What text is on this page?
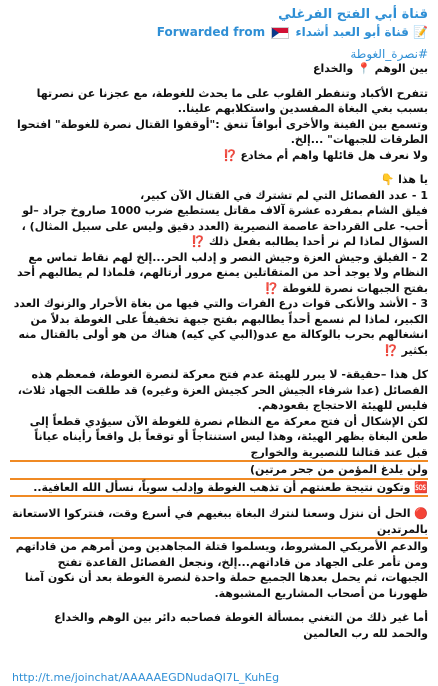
قناة أبي الفتح الفرغلي
📝 قناة أبو العبد أشداء  Forwarded from
#نصرة_الغوطة

بين الوهم 📍 والخداع

تتفرح الأكباد وتنفطر القلوب على ما يحدث للغوطة، مع عجزنا عن نصرتها بسبب بغي البغاة المفسدين واستكلابهم علينا..

وتسمع بين الفينة والأخرى أبواقاً تنعق :"أوقفوا القتال نصرة للغوطة" افتحوا الطرقات للجبهات" ...إلخ.

ولا نعرف هل قائلها واهم أم مخادع ⁉️

يا هذا 👇

1 - عدد الفصائل التي لم تشترك في القتال الآن كبير،

فيلق الشام بمفرده عشرة آلاف مقاتل يستطيع ضرب 1000 صاروخ جراد –لو أحب- على القرداحة عاصمة النصيرية (العدد دقيق وليس على سبيل المثال) ، السؤال لماذا لم نر أحدا يطالبه بفعل ذلك ⁉️

2 - الفيلق وجيش العزة وجيش النصر و إدلب الحر...إلخ لهم نقاط تماس مع النظام ولا يوجد أحد من المتقاتلين يمنع مرور أرتالهم، فلماذا لم يطالبهم أحد بفتح الجبهات نصرة للغوطة ⁉️

3 - الأشد والأنكى قوات درع الفرات والتي فيها من بغاة الأحرار والزنوك العدد الكبير، لماذا لم نسمع أحداً يطالبهم بفتح جبهة تخفيفاً على الغوطة بدلاً من انشغالهم بحرب بالوكالة مع عدو(البي كي كيه) هناك من هو أولى بالقتال منه بكثير ⁉️

كل هذا –حقيقة- لا يبرر للهيئة عدم فتح معركة لنصرة الغوطة، فمعظم هذه الفصائل (عدا شرفاء الجيش الحر كجيش العزة وغيره) قد طلقت الجهاد ثلاث، فليس للهيئة الاحتجاج بقعودهم.

لكن الإشكال أن فتح معركة مع النظام نصرة للغوطة الآن سيؤدي قطعاً إلى طعن البغاة بظهر الهيئة، وهذا ليس استنتاجاً أو توقعاً بل واقعاً رأيناه عياناً قبل عند قتالنا للنصيرية والخوارج

ولن يلدغ المؤمن من جحر مرتين)

🆘 وتكون نتيجة طعنتهم أن تذهب الغوطة وإدلب سوياً، نسأل الله العافية..

🔴 الحل أن ننزل وسعنا لنترك البغاة ببغيهم في أسرع وقت، فنتركوا الاستعانة بالمرتدين

والدعم الأمريكي المشروط، ويسلموا قتلة المجاهدين ومن أمرهم من قاداتهم ومن تأمر على الجهاد من قاداتهم...إلخ، ونجعل الفصائل القاعدة تفتح الجبهات، ثم يحمل بعدها الجميع حملة واحدة لنصرة الغوطة بعد أن نكون آمنا ظهورنا من أصحاب المشاريع المشبوهة.

أما غير ذلك من التغني بمسألة الغوطة فصاحبه دائر بين الوهم والخداع

والحمد لله رب العالمين

http://t.me/joinchat/AAAAAEGDNudaQI7L_KuhEg
